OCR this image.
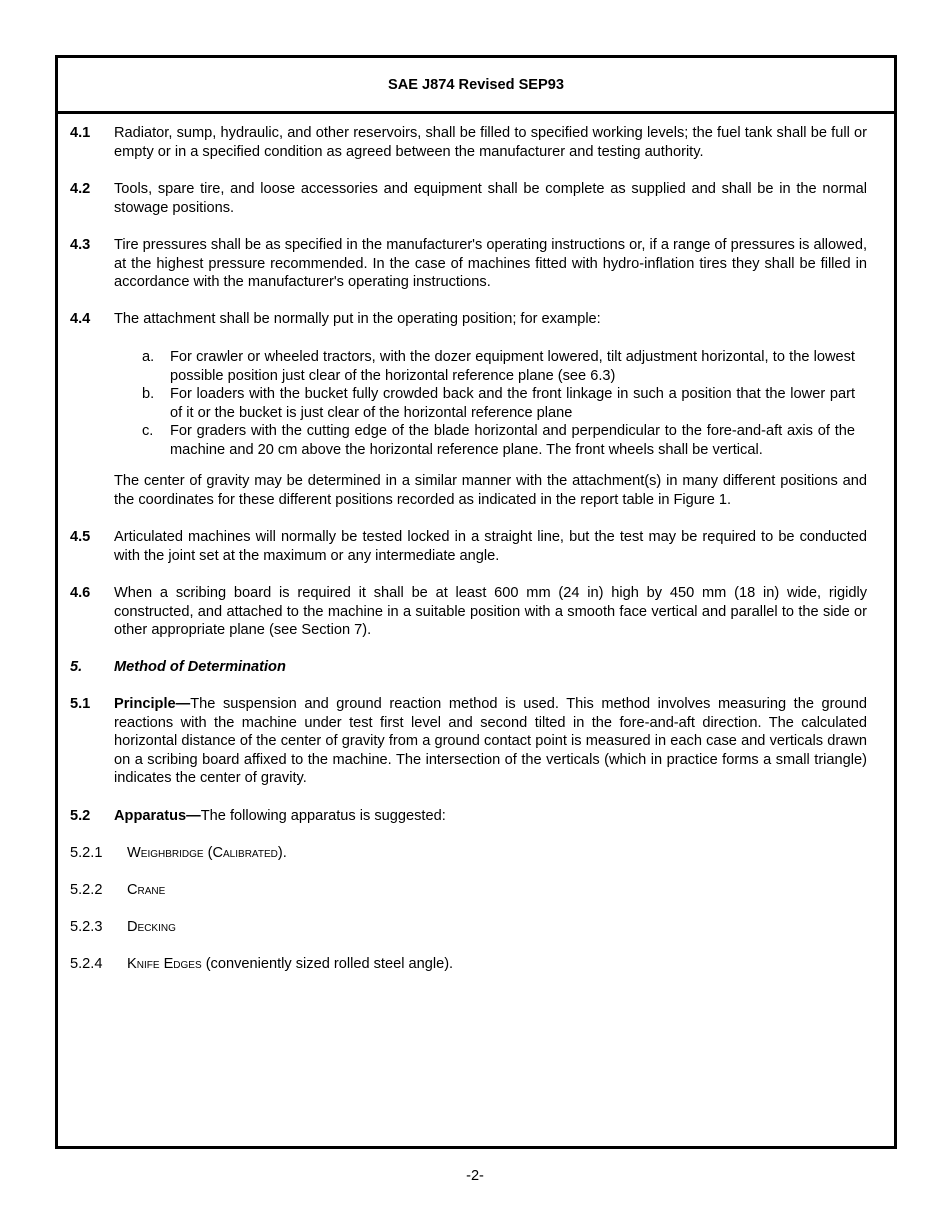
SAE J874 Revised SEP93
4.1 Radiator, sump, hydraulic, and other reservoirs, shall be filled to specified working levels; the fuel tank shall be full or empty or in a specified condition as agreed between the manufacturer and testing authority.
4.2 Tools, spare tire, and loose accessories and equipment shall be complete as supplied and shall be in the normal stowage positions.
4.3 Tire pressures shall be as specified in the manufacturer's operating instructions or, if a range of pressures is allowed, at the highest pressure recommended. In the case of machines fitted with hydro-inflation tires they shall be filled in accordance with the manufacturer's operating instructions.
4.4 The attachment shall be normally put in the operating position; for example:
a. For crawler or wheeled tractors, with the dozer equipment lowered, tilt adjustment horizontal, to the lowest possible position just clear of the horizontal reference plane (see 6.3)
b. For loaders with the bucket fully crowded back and the front linkage in such a position that the lower part of it or the bucket is just clear of the horizontal reference plane
c. For graders with the cutting edge of the blade horizontal and perpendicular to the fore-and-aft axis of the machine and 20 cm above the horizontal reference plane. The front wheels shall be vertical.
The center of gravity may be determined in a similar manner with the attachment(s) in many different positions and the coordinates for these different positions recorded as indicated in the report table in Figure 1.
4.5 Articulated machines will normally be tested locked in a straight line, but the test may be required to be conducted with the joint set at the maximum or any intermediate angle.
4.6 When a scribing board is required it shall be at least 600 mm (24 in) high by 450 mm (18 in) wide, rigidly constructed, and attached to the machine in a suitable position with a smooth face vertical and parallel to the side or other appropriate plane (see Section 7).
5. Method of Determination
5.1 Principle—The suspension and ground reaction method is used. This method involves measuring the ground reactions with the machine under test first level and second tilted in the fore-and-aft direction. The calculated horizontal distance of the center of gravity from a ground contact point is measured in each case and verticals drawn on a scribing board affixed to the machine. The intersection of the verticals (which in practice forms a small triangle) indicates the center of gravity.
5.2 Apparatus—The following apparatus is suggested:
5.2.1 Weighbridge (Calibrated).
5.2.2 Crane
5.2.3 Decking
5.2.4 Knife Edges (conveniently sized rolled steel angle).
-2-
